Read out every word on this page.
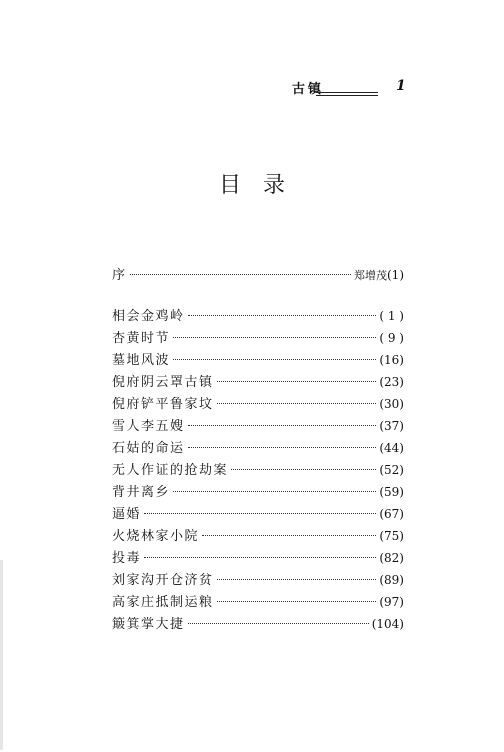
古镇	1
目录
序	郑增茂 (1)
相会金鸡岭	( 1 )
杏黄时节	( 9 )
墓地风波	(16)
倪府阴云罩古镇	(23)
倪府铲平鲁家坟	(30)
雪人李五嫂	(37)
石姑的命运	(44)
无人作证的抢劫案	(52)
背井离乡	(59)
逼婚	(67)
火烧林家小院	(75)
投毒	(82)
刘家沟开仓济贫	(89)
高家庄抵制运粮	(97)
簸箕掌大捷	(104)
